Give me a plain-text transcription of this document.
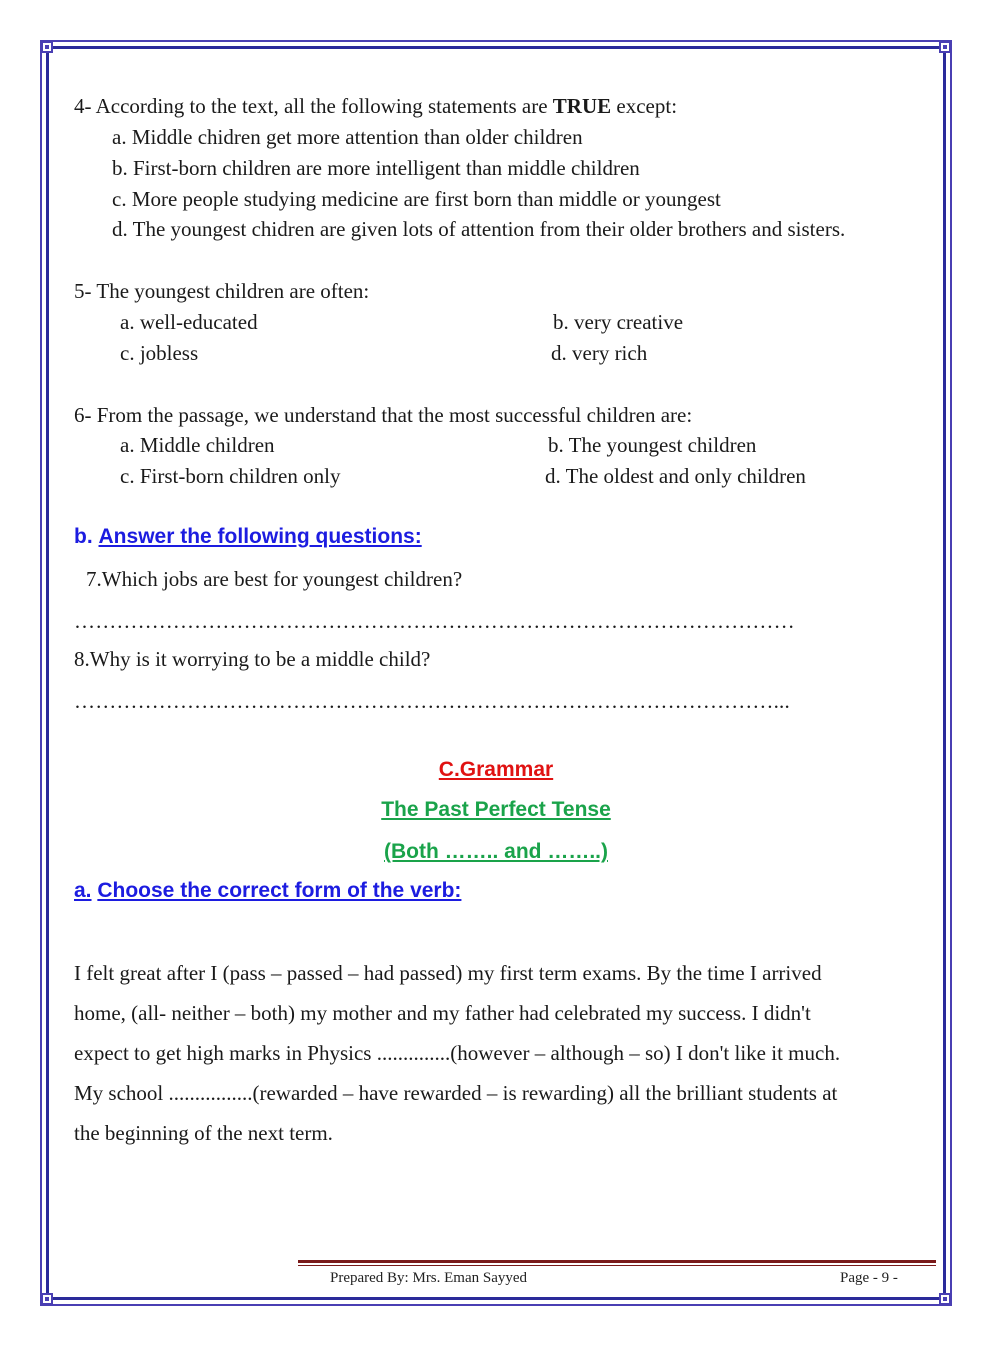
4- According to the text, all the following statements are TRUE except:
a. Middle chidren get more attention than older children
b. First-born children are more intelligent than middle children
c. More people studying medicine are first born than middle or youngest
d. The youngest chidren are given lots of attention from their older brothers and sisters.
5- The youngest children are often:
a. well-educated	b. very creative
c. jobless	d. very rich
6- From the passage, we understand that the most successful children are:
a. Middle children	b. The youngest children
c. First-born children only	d. The oldest and only children
b. Answer the following questions:
7.Which jobs are best for youngest children?
…………………………………………………………………………………………
8.Why is it worrying to be a middle child?
………………………………………………………………………………………...
C.Grammar
The Past Perfect Tense
(Both …….. and ……..)
a. Choose the correct form of the verb:
I felt great after I (pass – passed – had passed) my first term exams. By the time I arrived
home, (all- neither – both) my mother and my father had celebrated my success. I didn't
expect to get high marks in Physics ..............(however – although – so) I don't like it much.
My school ................(rewarded – have rewarded – is rewarding) all the brilliant students at
the beginning of the next term.
Prepared By: Mrs. Eman Sayyed	Page - 9 -
